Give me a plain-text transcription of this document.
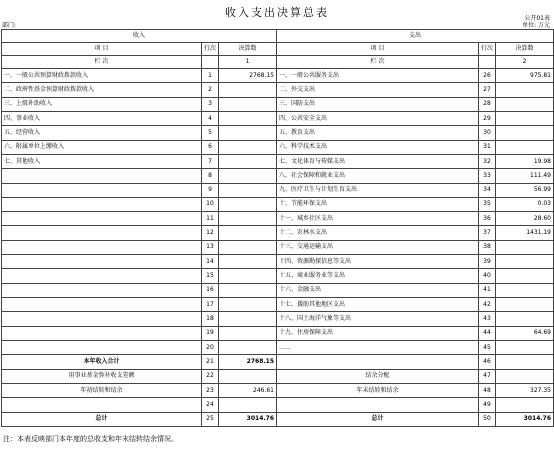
收入支出决算总表	公开01表
部门:	单位: 万元
收入			支出		
项 目	行次	决算数	项 目	行次	决算数
栏 次		1	栏 次		2
一、一般公共预算财政拨款收入	1	2768.15	一、一般公共服务支出	26	975.81
二、政府性基金预算财政拨款收入	2		二、外交支出	27	
三、上级补助收入	3		三、国防支出	28	
四、事业收入	4		四、公共安全支出	29	
五、经营收入	5		五、教育支出	30	
六、附属单位上缴收入	6		六、科学技术支出	31	
七、其他收入	7		七、文化体育与传媒支出	32	19.98
	8		八、社会保障和就业支出	33	111.49
	9		九、医疗卫生与计划生育支出	34	56.99
	10		十、节能环保支出	35	0.03
	11		十一、城乡社区支出	36	28.60
	12		十二、农林水支出	37	1431.19
	13		十三、交通运输支出	38	
	14		十四、资源勘探信息等支出	39	
	15		十五、商业服务业等支出	40	
	16		十六、金融支出	41	
	17		十七、援助其他地区支出	42	
	18		十八、国土海洋气象等支出	43	
	19		十九、住房保障支出	44	64.69
	20		……	45	
本年收入合计	21	2768.15		46	
用事业基金弥补收支差额	22		结余分配	47	
年初结转和结余	23	246.61	年末结转和结余	48	327.35
	24			49	
总计	25	3014.76	总计	50	3014.76
注：本表反映部门本年度的总收支和年末结转结余情况。
